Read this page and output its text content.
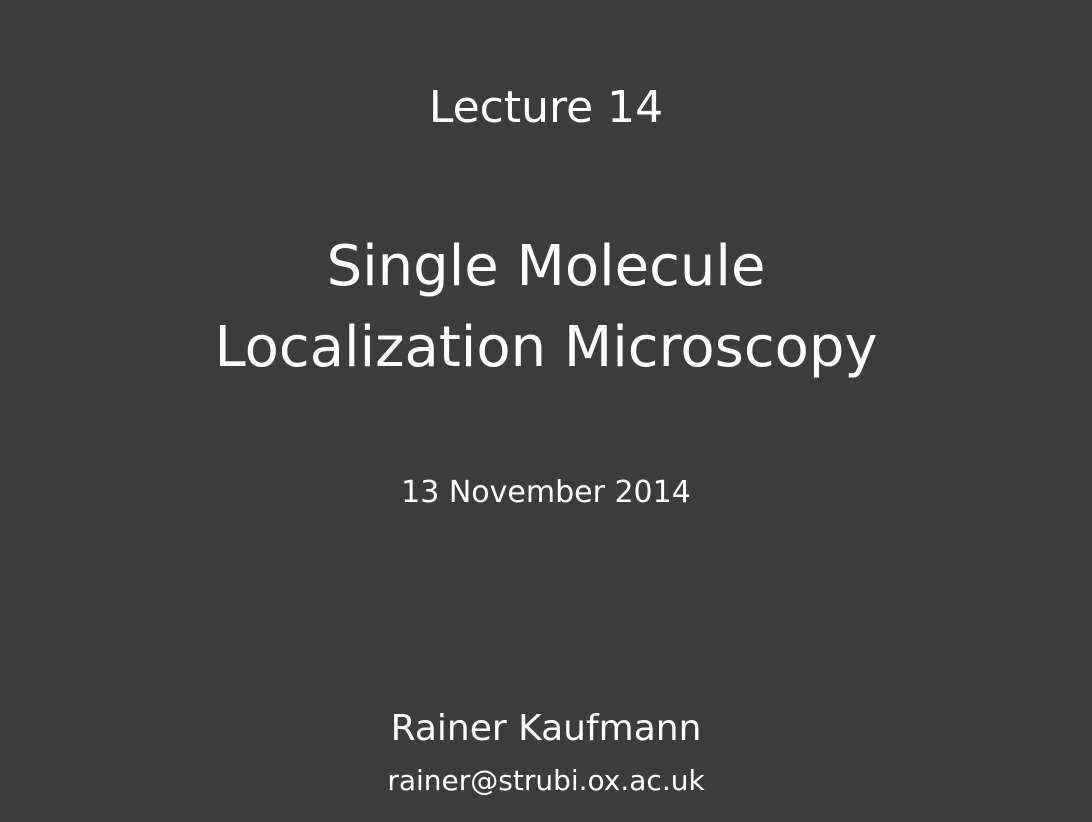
Lecture 14
Single Molecule
Localization Microscopy
13 November 2014
Rainer Kaufmann
rainer@strubi.ox.ac.uk
